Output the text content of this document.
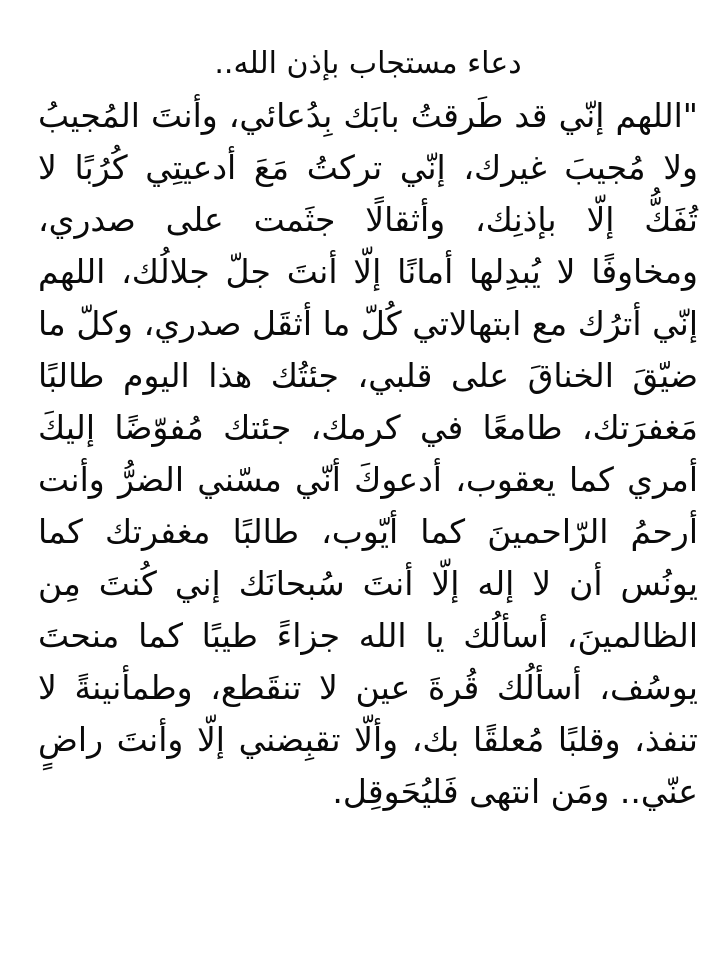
دعاء مستجاب بإذن الله..
"اللهم إنّي قد طَرقتُ بابَك بِدُعائي، وأنتَ المُجيبُ
ولا مُجيبَ غيرك، إنّي تركتُ مَعَ أدعيتِي كُرُبًا لا
تُفَكُّ إلّا بإذنِك، وأثقالًا جثَمت على صدري،
ومخاوفًا لا يُبدِلها أمانًا إلّا أنتَ جلّ جلالُك، اللهم
إنّي أترُك مع ابتهالاتي كُلّ ما أثقَل صدري، وكلّ ما
ضيّقَ الخناقَ على قلبي، جئتُك هذا اليوم طالبًا
مَغفرَتك، طامعًا في كرمك، جئتك مُفوّضًا إليكَ
أمري كما يعقوب، أدعوكَ أنّي مسّني الضرُّ وأنت
أرحمُ الرّاحمينَ كما أيّوب، طالبًا مغفرتك كما
يونُس أن لا إله إلّا أنتَ سُبحانَك إني كُنتَ مِن
الظالمينَ، أسألُك يا الله جزاءً طيبًا كما منحتَ
يوسُف، أسألُك قُرةَ عين لا تنقَطع، وطمأنينةً لا
تنفذ، وقلبًا مُعلقًا بك، وألّا تقبِضني إلّا وأنتَ راضٍ
عنّي.. ومَن انتهى فَليُحَوقِل.
